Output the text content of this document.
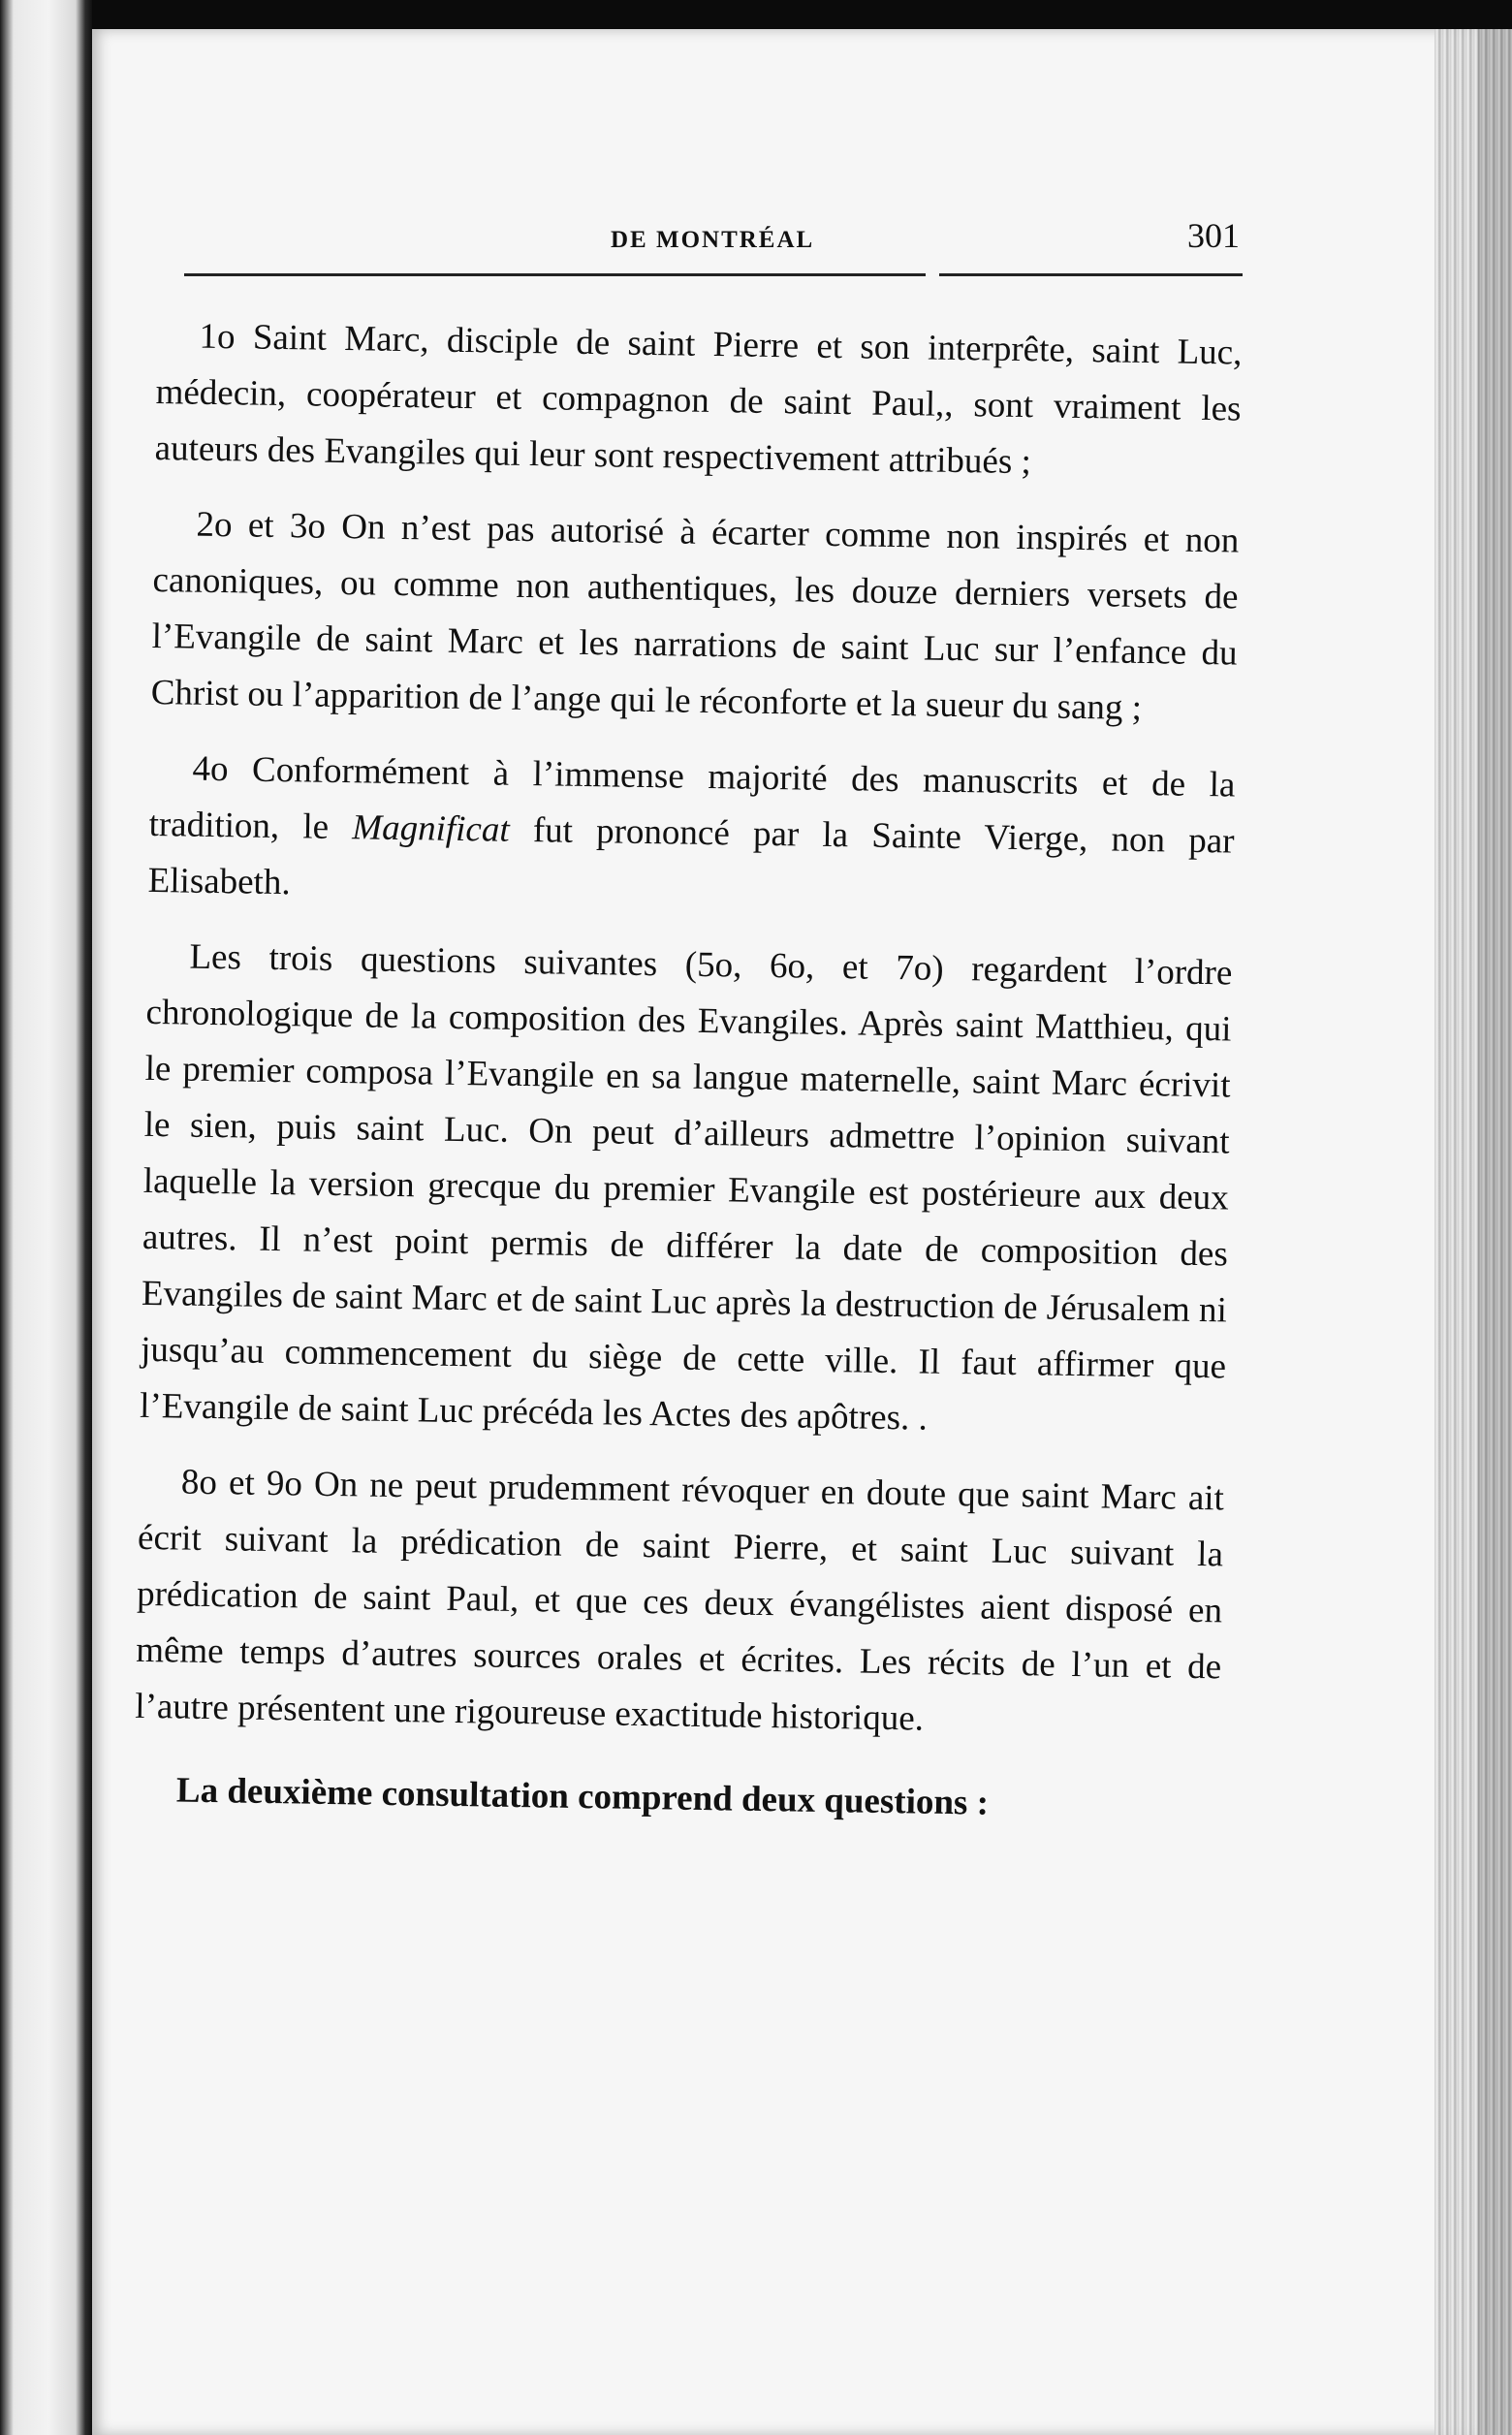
DE MONTRÉAL	301

1o Saint Marc, disciple de saint Pierre et son interprête, saint Luc, médecin, coopérateur et compagnon de saint Paul,, sont vraiment les auteurs des Evangiles qui leur sont respectivement attribués ;

2o et 3o On n’est pas autorisé à écarter comme non inspirés et non canoniques, ou comme non authentiques, les douze derniers versets de l’Evangile de saint Marc et les narrations de saint Luc sur l’enfance du Christ ou l’apparition de l’ange qui le réconforte et la sueur du sang ;

4o Conformément à l’immense majorité des manuscrits et de la tradition, le Magnificat fut prononcé par la Sainte Vierge, non par Elisabeth.

Les trois questions suivantes (5o, 6o, et 7o) regardent l’ordre chronologique de la composition des Evangiles. Après saint Matthieu, qui le premier composa l’Evangile en sa langue maternelle, saint Marc écrivit le sien, puis saint Luc. On peut d’ailleurs admettre l’opinion suivant laquelle la version grecque du premier Evangile est postérieure aux deux autres. Il n’est point permis de différer la date de composition des Evangiles de saint Marc et de saint Luc après la destruction de Jérusalem ni jusqu’au commencement du siège de cette ville. Il faut affirmer que l’Evangile de saint Luc précéda les Actes des apôtres. .

8o et 9o On ne peut prudemment révoquer en doute que saint Marc ait écrit suivant la prédication de saint Pierre, et saint Luc suivant la prédication de saint Paul, et que ces deux évangélistes aient disposé en même temps d’autres sources orales et écrites. Les récits de l’un et de l’autre présentent une rigoureuse exactitude historique.

La deuxième consultation comprend deux questions :
